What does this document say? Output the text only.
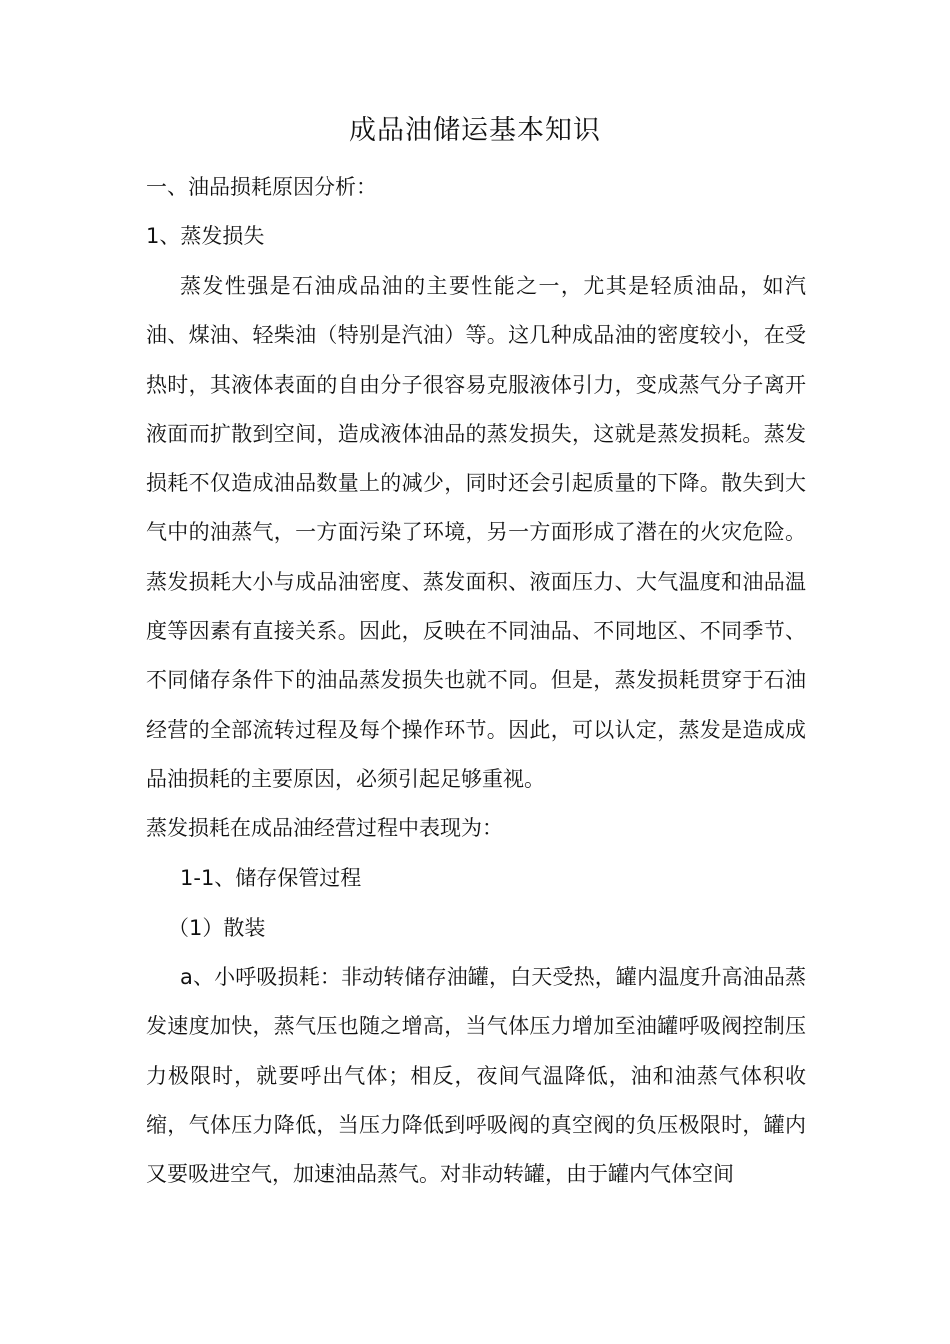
成品油储运基本知识

一、油品损耗原因分析：

1、蒸发损失

蒸发性强是石油成品油的主要性能之一，尤其是轻质油品，如汽油、煤油、轻柴油（特别是汽油）等。这几种成品油的密度较小，在受热时，其液体表面的自由分子很容易克服液体引力，变成蒸气分子离开液面而扩散到空间，造成液体油品的蒸发损失，这就是蒸发损耗。蒸发损耗不仅造成油品数量上的减少，同时还会引起质量的下降。散失到大气中的油蒸气，一方面污染了环境，另一方面形成了潜在的火灾危险。蒸发损耗大小与成品油密度、蒸发面积、液面压力、大气温度和油品温度等因素有直接关系。因此，反映在不同油品、不同地区、不同季节、不同储存条件下的油品蒸发损失也就不同。但是，蒸发损耗贯穿于石油经营的全部流转过程及每个操作环节。因此，可以认定，蒸发是造成成品油损耗的主要原因，必须引起足够重视。

蒸发损耗在成品油经营过程中表现为：

1-1、储存保管过程

（1）散装

a、小呼吸损耗：非动转储存油罐，白天受热，罐内温度升高油品蒸发速度加快，蒸气压也随之增高，当气体压力增加至油罐呼吸阀控制压力极限时，就要呼出气体；相反，夜间气温降低，油和油蒸气体积收缩，气体压力降低，当压力降低到呼吸阀的真空阀的负压极限时，罐内又要吸进空气，加速油品蒸气。对非动转罐，由于罐内气体空间
